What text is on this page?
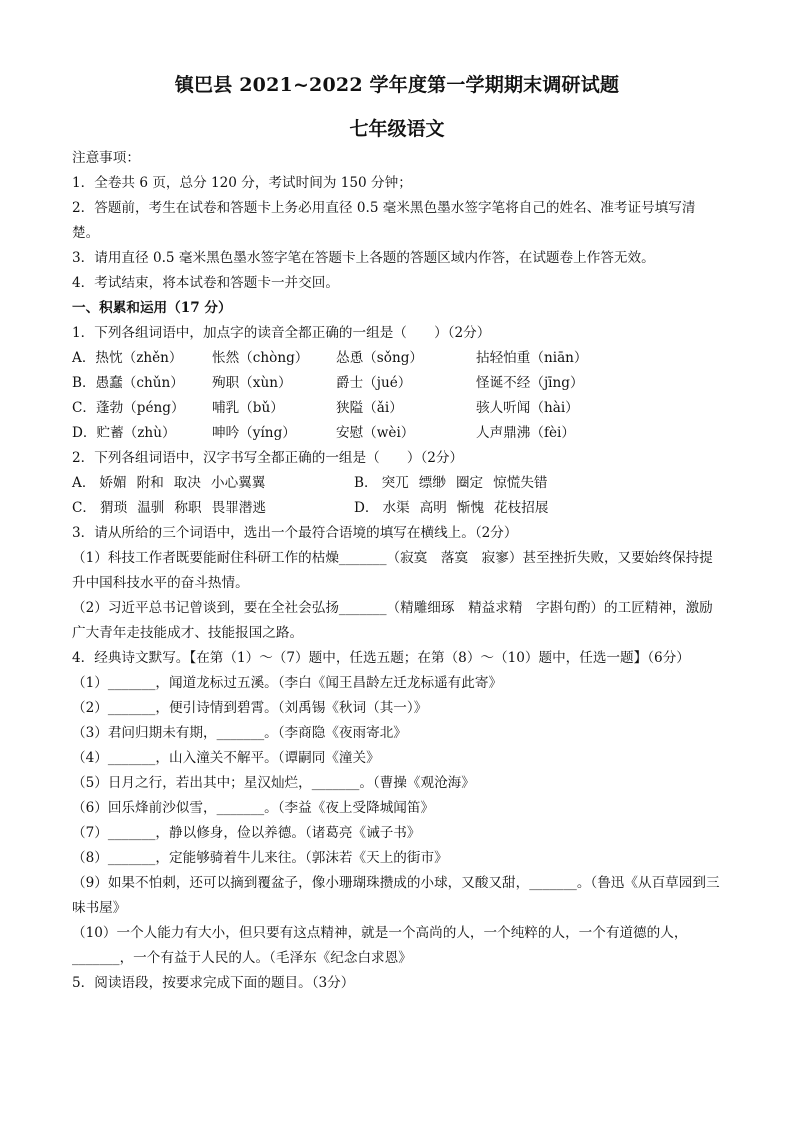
镇巴县 2021~2022 学年度第一学期期末调研试题
七年级语文
注意事项：
1．全卷共 6 页，总分 120 分，考试时间为 150 分钟；
2．答题前，考生在试卷和答题卡上务必用直径 0.5 毫米黑色墨水签字笔将自己的姓名、准考证号填写清楚。
3．请用直径 0.5 毫米黑色墨水签字笔在答题卡上各题的答题区域内作答，在试题卷上作答无效。
4．考试结束，将本试卷和答题卡一并交回。
一、积累和运用（17 分）
1．下列各组词语中，加点字的读音全都正确的一组是（　　）（2分）
A．热忱（zhěn）	怅然（chòng）	怂恿（sǒng）	拈轻怕重（niān）
B．愚蠢（chǔn）	殉职（xùn）	爵士（jué）	怪诞不经（jīng）
C．蓬勃（péng）	哺乳（bǔ）	狭隘（ǎi）	骇人听闻（hài）
D．贮蓄（zhù）	呻吟（yíng）	安慰（wèi）	人声鼎沸（fèi）
2．下列各组词语中，汉字书写全都正确的一组是（　　）（2分）
A． 娇媚 附和 取决 小心翼翼	B． 突兀 缥缈 圈定 惊慌失错
C． 猬琐 温驯 称职 畏罪潜逃	D． 水渠 高明 惭愧 花枝招展
3．请从所给的三个词语中，选出一个最符合语境的填写在横线上。（2分）
（1）科技工作者既要能耐住科研工作的枯燥_______（寂寞　落寞　寂寥）甚至挫折失败，又要始终保持提升中国科技水平的奋斗热情。
（2）习近平总书记曾谈到，要在全社会弘扬_______（精雕细琢　精益求精　字斟句酌）的工匠精神，激励广大青年走技能成才、技能报国之路。
4．经典诗文默写。【在第（1）～（7）题中，任选五题；在第（8）～（10）题中，任选一题】（6分）
（1）_______，闻道龙标过五溪。（李白《闻王昌龄左迁龙标遥有此寄》
（2）_______，便引诗情到碧霄。（刘禹锡《秋词（其一）》
（3）君问归期未有期，_______。（李商隐《夜雨寄北》
（4）_______，山入潼关不解平。（谭嗣同《潼关》
（5）日月之行，若出其中；星汉灿烂，_______。（曹操《观沧海》
（6）回乐烽前沙似雪，_______。（李益《夜上受降城闻笛》
（7）_______，静以修身，俭以养德。（诸葛亮《诫子书》
（8）_______，定能够骑着牛儿来往。（郭沫若《天上的街市》
（9）如果不怕刺，还可以摘到覆盆子，像小珊瑚珠攒成的小球，又酸又甜，_______。（鲁迅《从百草园到三味书屋》
（10）一个人能力有大小，但只要有这点精神，就是一个高尚的人，一个纯粹的人，一个有道德的人，_______，一个有益于人民的人。（毛泽东《纪念白求恩》
5．阅读语段，按要求完成下面的题目。（3分）
